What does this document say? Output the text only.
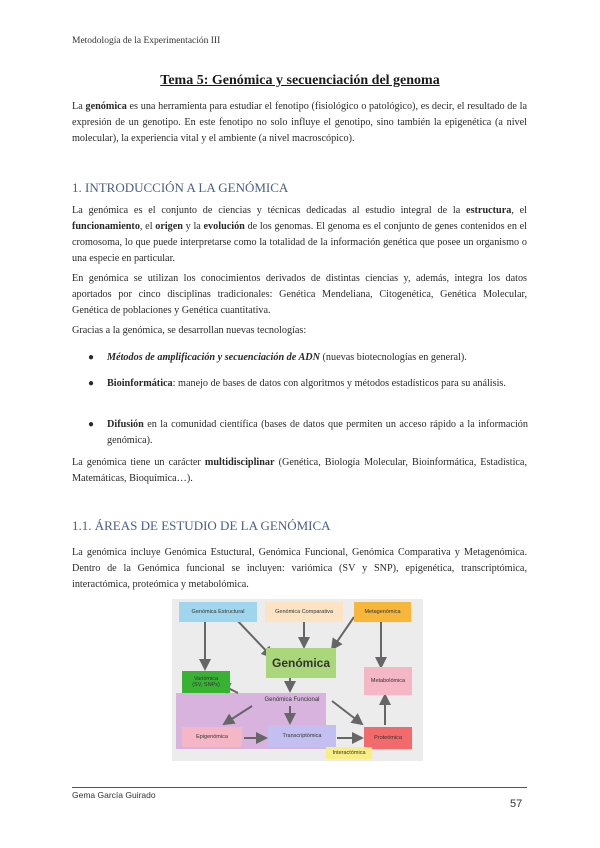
Metodología de la Experimentación III
Tema 5: Genómica y secuenciación del genoma
La genómica es una herramienta para estudiar el fenotipo (fisiológico o patológico), es decir, el resultado de la expresión de un genotipo. En este fenotipo no solo influye el genotipo, sino también la epigenética (a nivel molecular), la experiencia vital y el ambiente (a nivel macroscópico).
1. INTRODUCCIÓN A LA GENÓMICA
La genómica es el conjunto de ciencias y técnicas dedicadas al estudio integral de la estructura, el funcionamiento, el origen y la evolución de los genomas. El genoma es el conjunto de genes contenidos en el cromosoma, lo que puede interpretarse como la totalidad de la información genética que posee un organismo o una especie en particular.
En genómica se utilizan los conocimientos derivados de distintas ciencias y, además, integra los datos aportados por cinco disciplinas tradicionales: Genética Mendeliana, Citogenética, Genética Molecular, Genética de poblaciones y Genética cuantitativa.
Gracias a la genómica, se desarrollan nuevas tecnologías:
● Métodos de amplificación y secuenciación de ADN (nuevas biotecnologías en general).
● Bioinformática: manejo de bases de datos con algoritmos y métodos estadísticos para su análisis.
● Difusión en la comunidad científica (bases de datos que permiten un acceso rápido a la información genómica).
La genómica tiene un carácter multidisciplinar (Genética, Biología Molecular, Bioinformática, Estadística, Matemáticas, Bioquímica…).
1.1. ÁREAS DE ESTUDIO DE LA GENÓMICA
La genómica incluye Genómica Estuctural, Genómica Funcional, Genómica Comparativa y Metagenómica. Dentro de la Genómica funcional se incluyen: variómica (SV y SNP), epigenética, transcriptómica, interactómica, proteómica y metabolómica.
Genómica Estructural	Genómica Comparativa	Metagenómica
Genómica
Variómica
(SV, SNPs)
Genómica Funcional
Metabolómica
Epigenómica	Transcriptómica	Proteómica
Interactómica
Gema García Guirado
57
